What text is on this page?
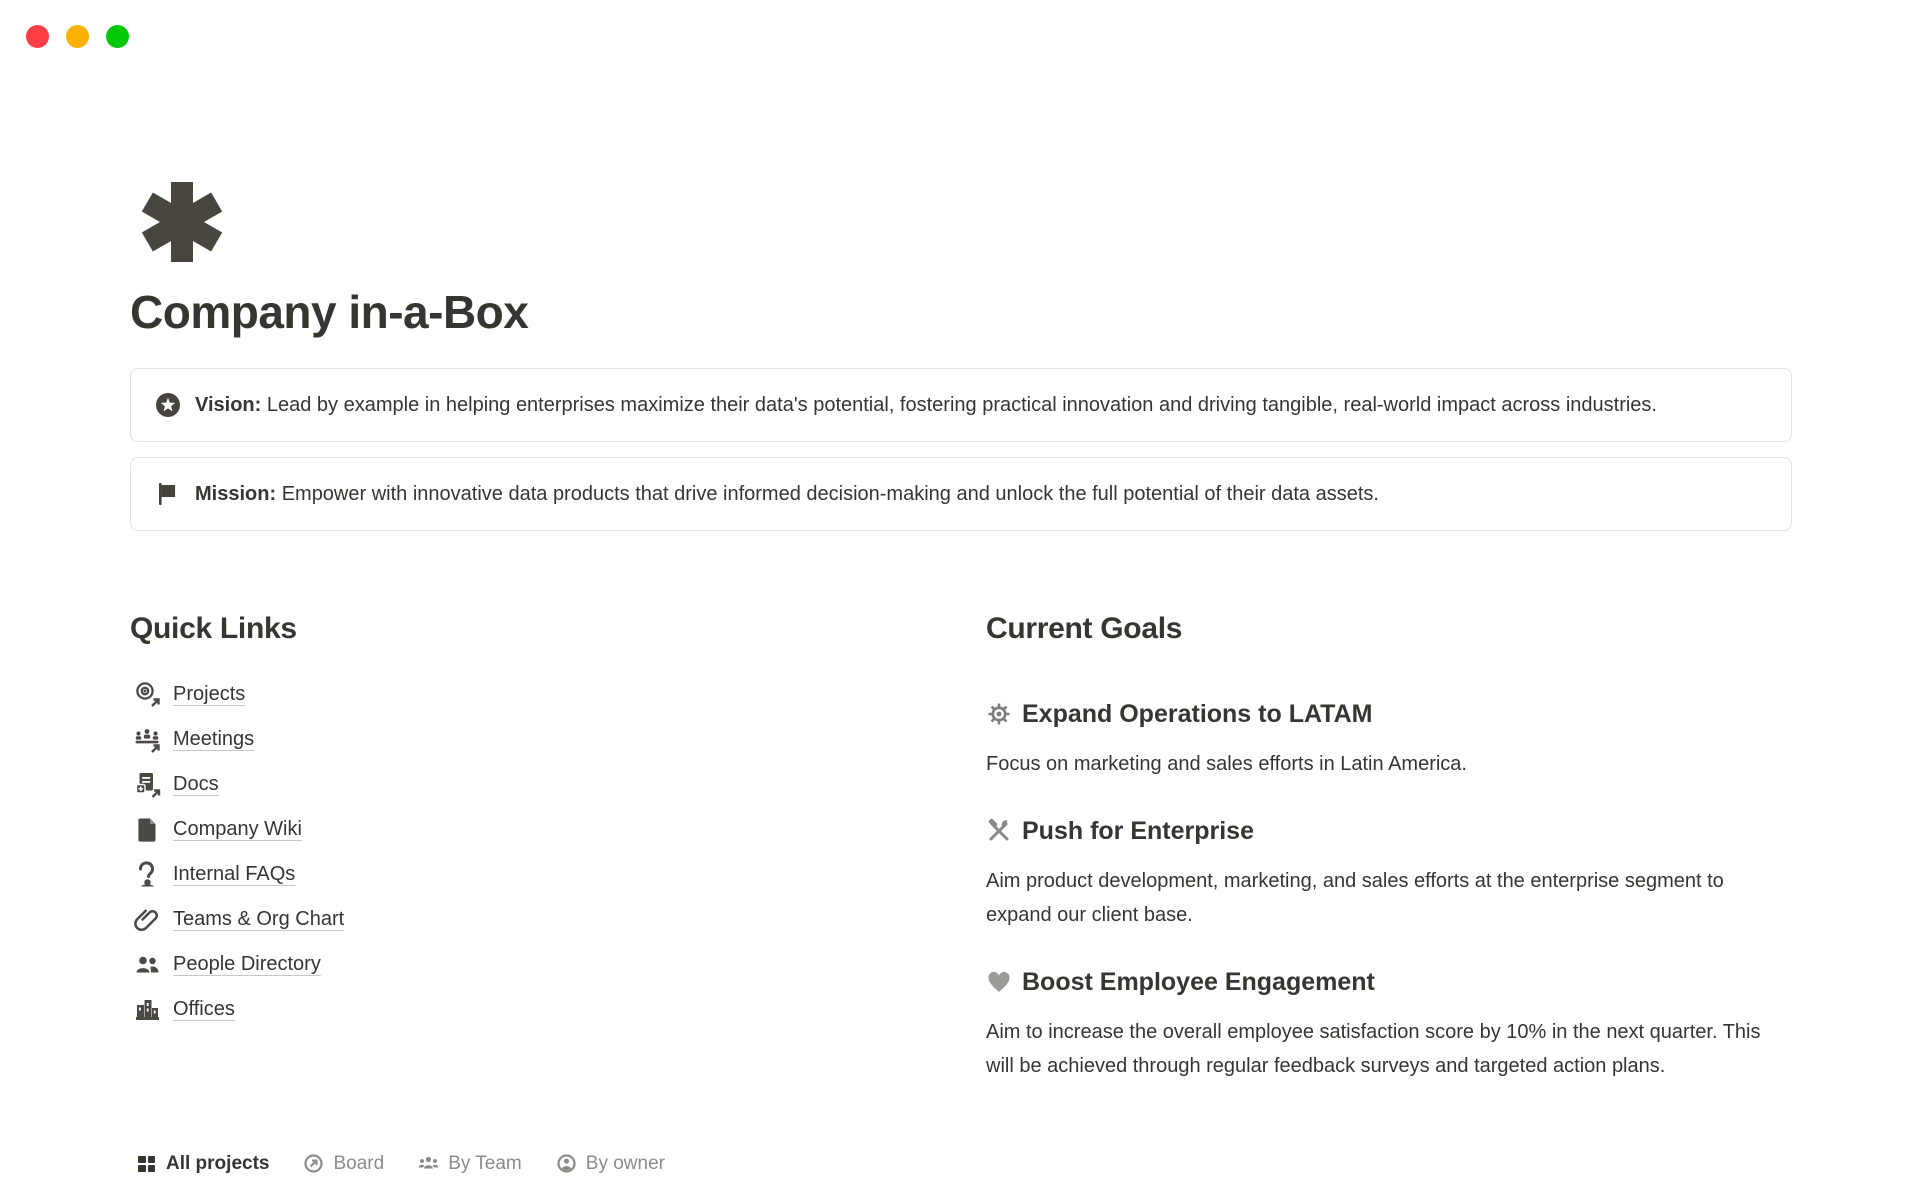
Company in-a-Box
Vision: Lead by example in helping enterprises maximize their data's potential, fostering practical innovation and driving tangible, real-world impact across industries.
Mission: Empower with innovative data products that drive informed decision-making and unlock the full potential of their data assets.
Quick Links
Projects
Meetings
Docs
Company Wiki
Internal FAQs
Teams & Org Chart
People Directory
Offices
Current Goals
Expand Operations to LATAM

Focus on marketing and sales efforts in Latin America.

Push for Enterprise

Aim product development, marketing, and sales efforts at the enterprise segment to expand our client base.

Boost Employee Engagement

Aim to increase the overall employee satisfaction score by 10% in the next quarter. This will be achieved through regular feedback surveys and targeted action plans.

All projects	Board	By Team	By owner
